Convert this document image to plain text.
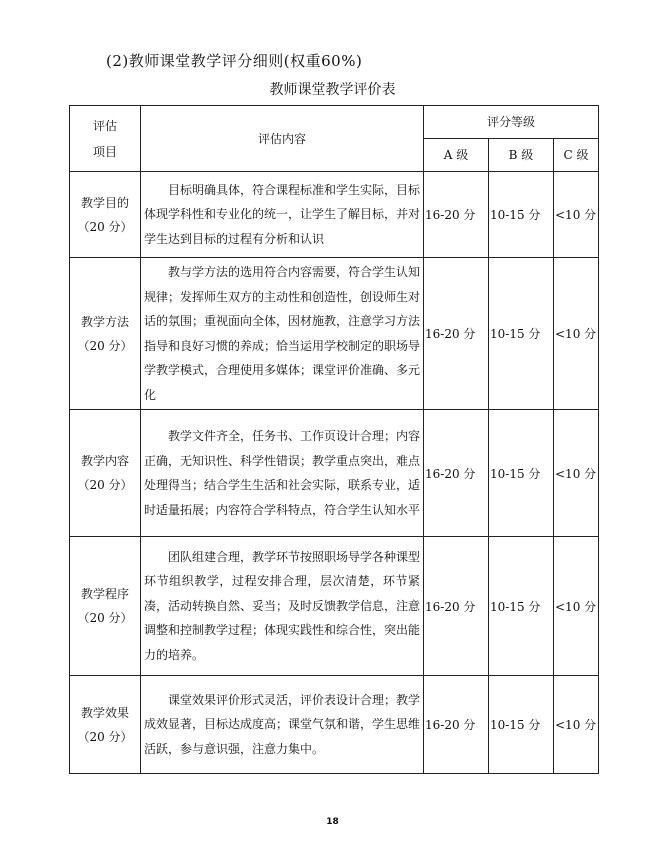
(2)教师课堂教学评分细则(权重60%)
教师课堂教学评价表
评估
项目	评估内容	评分等级		
		A 级	B 级	C 级

教学目的
（20 分）	目标明确具体，符合课程标准和学生实际，目标体现学科性和专业化的统一，让学生了解目标，并对学生达到目标的过程有分析和认识	16-20 分	10-15 分	<10 分

教学方法
（20 分）	教与学方法的选用符合内容需要，符合学生认知规律；发挥师生双方的主动性和创造性，创设师生对话的氛围；重视面向全体，因材施教，注意学习方法指导和良好习惯的养成；恰当运用学校制定的职场导学教学模式，合理使用多媒体；课堂评价准确、多元化	16-20 分	10-15 分	<10 分

教学内容
（20 分）	教学文件齐全，任务书、工作页设计合理；内容正确，无知识性、科学性错误；教学重点突出，难点处理得当；结合学生生活和社会实际，联系专业，适时适量拓展；内容符合学科特点，符合学生认知水平	16-20 分	10-15 分	<10 分

教学程序
（20 分）	团队组建合理，教学环节按照职场导学各种课型环节组织教学，过程安排合理，层次清楚，环节紧凑，活动转换自然、妥当；及时反馈教学信息，注意调整和控制教学过程；体现实践性和综合性，突出能力的培养。	16-20 分	10-15 分	<10 分

教学效果
（20 分）	课堂效果评价形式灵活，评价表设计合理；教学成效显著，目标达成度高；课堂气氛和谐，学生思维活跃，参与意识强，注意力集中。	16-20 分	10-15 分	<10 分
18
